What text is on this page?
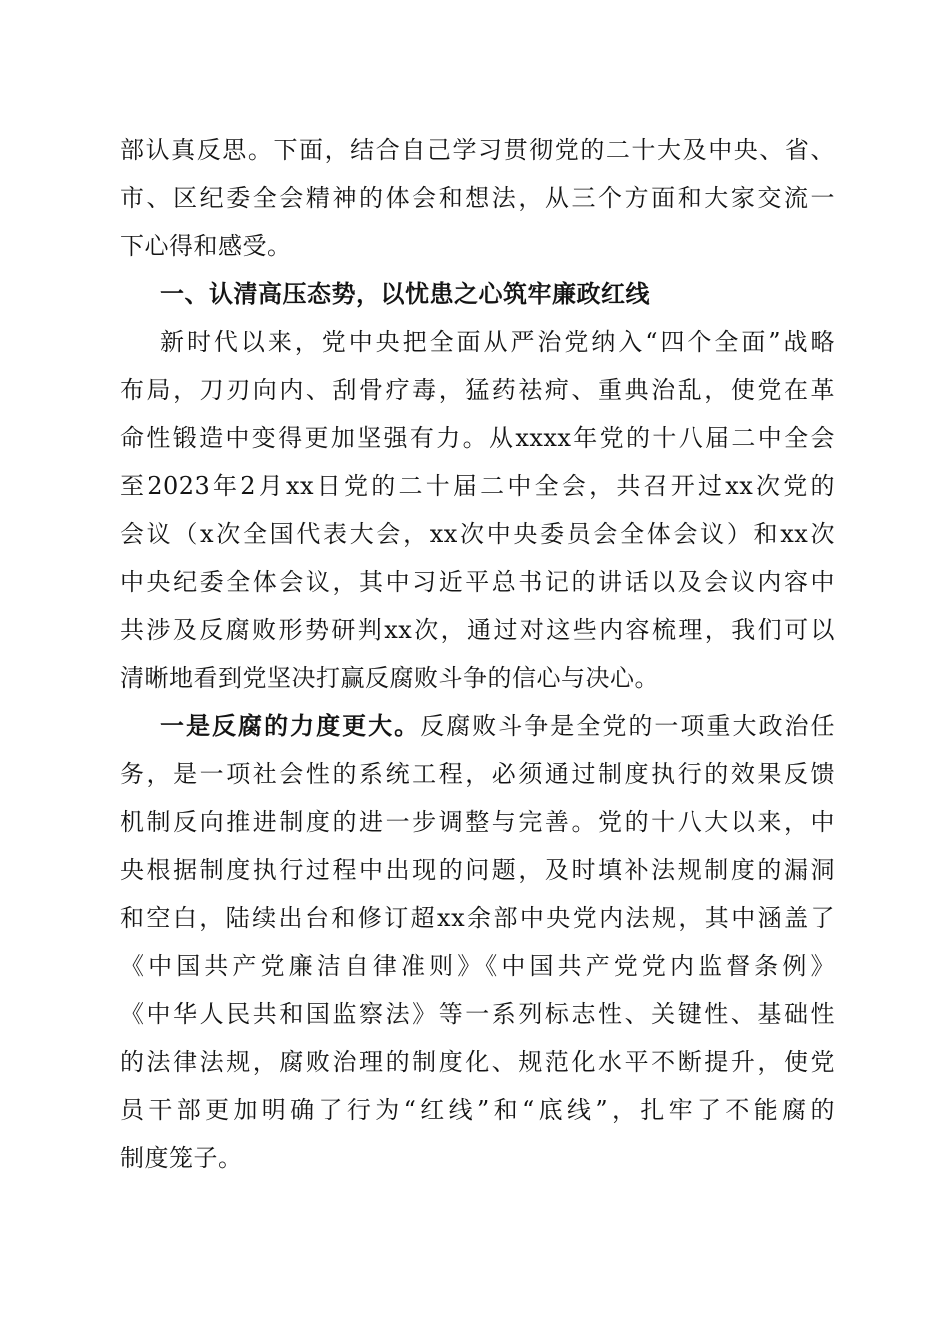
部认真反思。下面，结合自己学习贯彻党的二十大及中央、省、
市、区纪委全会精神的体会和想法，从三个方面和大家交流一
下心得和感受。
一、认清高压态势，以忧患之心筑牢廉政红线
新时代以来，党中央把全面从严治党纳入“四个全面”战略
布局，刀刃向内、刮骨疗毒，猛药祛疴、重典治乱，使党在革
命性锻造中变得更加坚强有力。从xxxx年党的十八届二中全会
至2023年2月xx日党的二十届二中全会，共召开过xx次党的
会议（x次全国代表大会，xx次中央委员会全体会议）和xx次
中央纪委全体会议，其中习近平总书记的讲话以及会议内容中
共涉及反腐败形势研判xx次，通过对这些内容梳理，我们可以
清晰地看到党坚决打赢反腐败斗争的信心与决心。
一是反腐的力度更大。反腐败斗争是全党的一项重大政治任
务，是一项社会性的系统工程，必须通过制度执行的效果反馈
机制反向推进制度的进一步调整与完善。党的十八大以来，中
央根据制度执行过程中出现的问题，及时填补法规制度的漏洞
和空白，陆续出台和修订超xx余部中央党内法规，其中涵盖了
《中国共产党廉洁自律准则》《中国共产党党内监督条例》
《中华人民共和国监察法》等一系列标志性、关键性、基础性
的法律法规，腐败治理的制度化、规范化水平不断提升，使党
员干部更加明确了行为“红线”和“底线”，扎牢了不能腐的
制度笼子。
